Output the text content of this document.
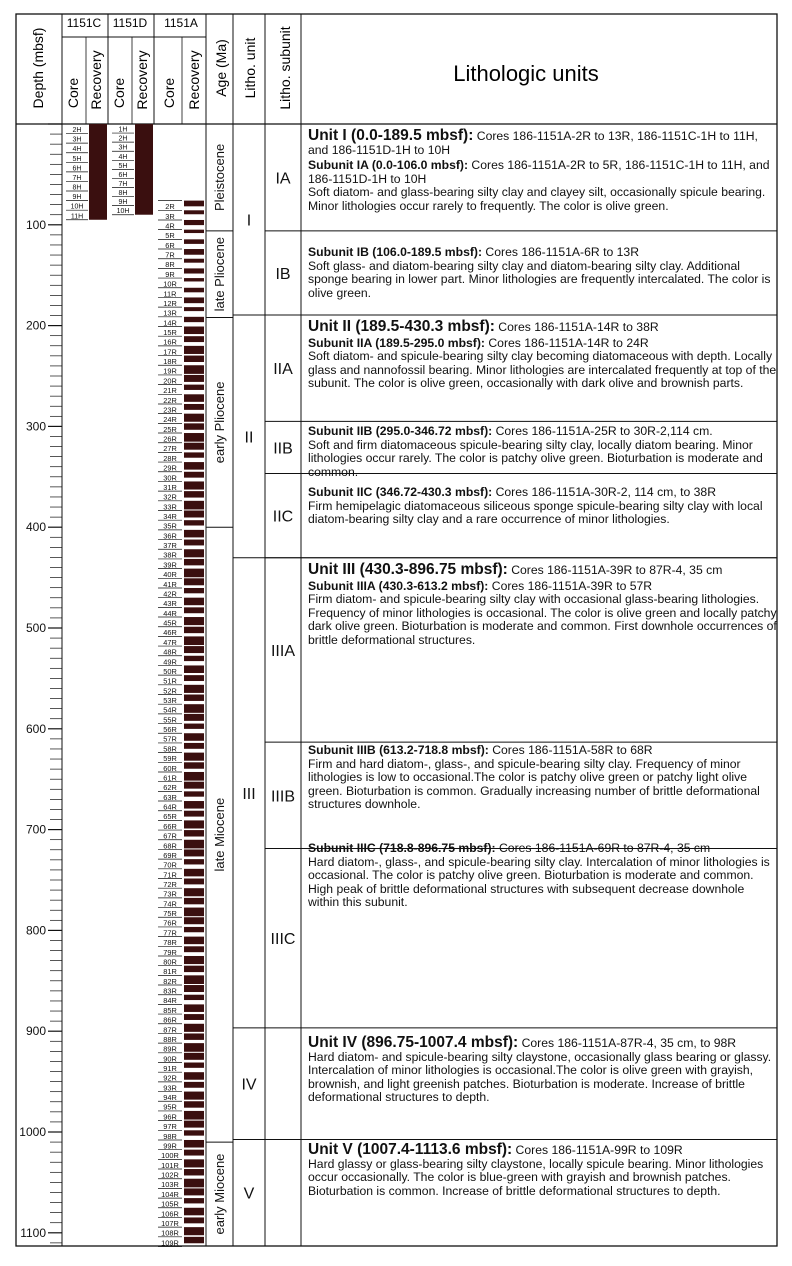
Depth (mbsf)
1151C 1151D 1151A
Core Recovery Core Recovery Core Recovery Age (Ma) Litho. unit Litho. subunit	Lithologic units
100
200
300
400
500
600
700
800
900
1000
1100
2H
3H
4H
5H
6H
7H
8H
9H
10H
11H
1H
2H
3H
4H
5H
6H
7H
8H
9H
10H
2R
3R
4R
5R
6R
7R
8R
9R
10R
11R
12R
13R
14R
15R
16R
17R
18R
19R
20R
21R
22R
23R
24R
25R
26R
27R
28R
29R
30R
31R
32R
33R
34R
35R
36R
37R
38R
39R
40R
41R
42R
43R
44R
45R
46R
47R
48R
49R
50R
51R
52R
53R
54R
55R
56R
57R
58R
59R
60R
61R
62R
63R
64R
65R
66R
67R
68R
69R
70R
71R
72R
73R
74R
75R
76R
77R
78R
79R
80R
81R
82R
83R
84R
85R
86R
87R
88R
89R
90R
91R
92R
93R
94R
95R
96R
97R
98R
99R
100R
101R
102R
103R
104R
105R
106R
107R
108R
109R
Pleistocene
late Pliocene
early Pliocene
late Miocene
early Miocene
I
II
III
IV
V
IA
IB
IIA
IIB
IIC
IIIA
IIIB
IIIC

Unit I (0.0-189.5 mbsf): Cores 186-1151A-2R to 13R, 186-1151C-1H to 11H, and 186-1151D-1H to 10H

Subunit IA (0.0-106.0 mbsf): Cores 186-1151A-2R to 5R, 186-1151C-1H to 11H, and 186-1151D-1H to 10H

Soft diatom- and glass-bearing silty clay and clayey silt, occasionally spicule bearing. Minor lithologies occur rarely to frequently. The color is olive green.

Subunit IB (106.0-189.5 mbsf): Cores 186-1151A-6R to 13R

Soft glass- and diatom-bearing silty clay and diatom-bearing silty clay. Additional sponge bearing in lower part. Minor lithologies are frequently intercalated. The color is olive green.

Unit II (189.5-430.3 mbsf): Cores 186-1151A-14R to 38R

Subunit IIA (189.5-295.0 mbsf): Cores 186-1151A-14R to 24R

Soft diatom- and spicule-bearing silty clay becoming diatomaceous with depth. Locally glass and nannofossil bearing. Minor lithologies are intercalated frequently at top of the subunit. The color is olive green, occasionally with dark olive and brownish parts.

Subunit IIB (295.0-346.72 mbsf): Cores 186-1151A-25R to 30R-2,114 cm.

Soft and firm diatomaceous spicule-bearing silty clay, locally diatom bearing. Minor lithologies occur rarely. The color is patchy olive green. Bioturbation is moderate and common.

Subunit IIC (346.72-430.3 mbsf): Cores 186-1151A-30R-2, 114 cm, to 38R

Firm hemipelagic diatomaceous siliceous sponge spicule-bearing silty clay with local diatom-bearing silty clay and a rare occurrence of minor lithologies.

Unit III (430.3-896.75 mbsf): Cores 186-1151A-39R to 87R-4, 35 cm

Subunit IIIA (430.3-613.2 mbsf): Cores 186-1151A-39R to 57R

Firm diatom- and spicule-bearing silty clay with occasional glass-bearing lithologies. Frequency of minor lithologies is occasional. The color is olive green and locally patchy dark olive green. Bioturbation is moderate and common. First downhole occurrences of brittle deformational structures.

Subunit IIIB (613.2-718.8 mbsf): Cores 186-1151A-58R to 68R

Firm and hard diatom-, glass-, and spicule-bearing silty clay. Frequency of minor lithologies is low to occasional.The color is patchy olive green or patchy light olive green. Bioturbation is common. Gradually increasing number of brittle deformational structures downhole.

Subunit IIIC (718.8-896.75 mbsf): Cores 186-1151A-69R to 87R-4, 35 cm

Hard diatom-, glass-, and spicule-bearing silty clay. Intercalation of minor lithologies is occasional. The color is patchy olive green. Bioturbation is moderate and common. High peak of brittle deformational structures with subsequent decrease downhole within this subunit.

Unit IV (896.75-1007.4 mbsf): Cores 186-1151A-87R-4, 35 cm, to 98R

Hard diatom- and spicule-bearing silty claystone, occasionally glass bearing or glassy. Intercalation of minor lithologies is occasional.The color is olive green with grayish, brownish, and light greenish patches. Bioturbation is moderate. Increase of brittle deformational structures to depth.

Unit V (1007.4-1113.6 mbsf): Cores 186-1151A-99R to 109R

Hard glassy or glass-bearing silty claystone, locally spicule bearing. Minor lithologies occur occasionally. The color is blue-green with grayish and brownish patches. Bioturbation is common. Increase of brittle deformational structures to depth.
